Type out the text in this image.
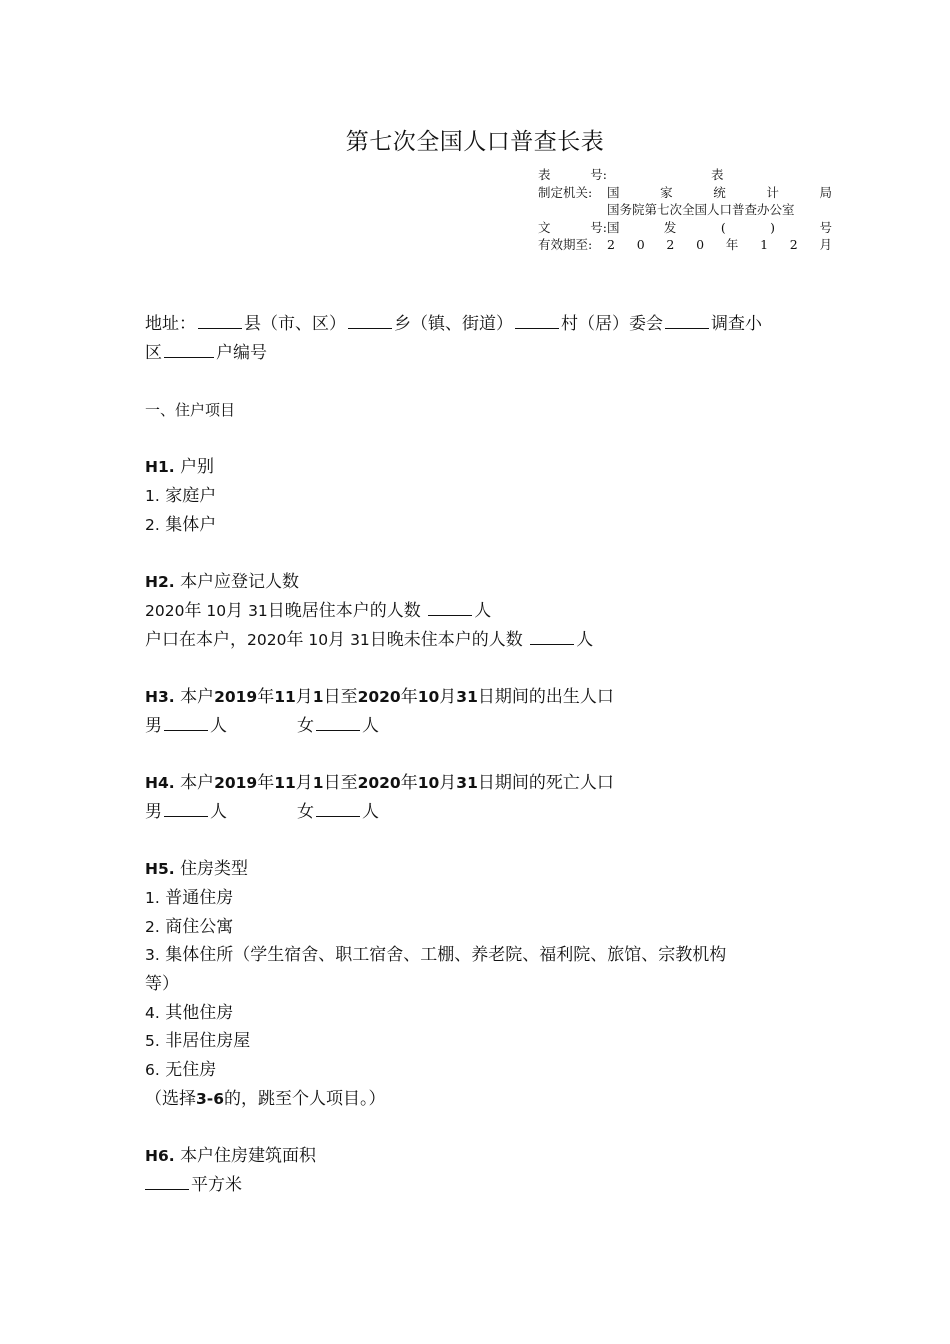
第七次全国人口普查长表
表	号:	表
制定机关: 国	家	统	计	局
国务院第七次全国人口普查办公室
文	号: 国	发	(	)	号
有效期至: 2 0 2 0 年 1 2 月
地址：	县（市、区）	乡（镇、街道）	村（居）委会	调查小
区	户编号
一、住户项目
H1. 户别
1. 家庭户
2. 集体户
H2. 本户应登记人数
2020年 10月 31日晚居住本户的人数	人
户口在本户，2020年 10月 31日晚未住本户的人数	人
H3. 本户2019年11月1日至2020年10月31日期间的出生人口
男	人	女	人
H4. 本户2019年11月1日至2020年10月31日期间的死亡人口
男	人	女	人
H5. 住房类型
1. 普通住房
2. 商住公寓
3. 集体住所（学生宿舍、职工宿舍、工棚、养老院、福利院、旅馆、宗教机构
等）
4. 其他住房
5. 非居住房屋
6. 无住房
（选择3-6的，跳至个人项目。）
H6. 本户住房建筑面积
平方米
